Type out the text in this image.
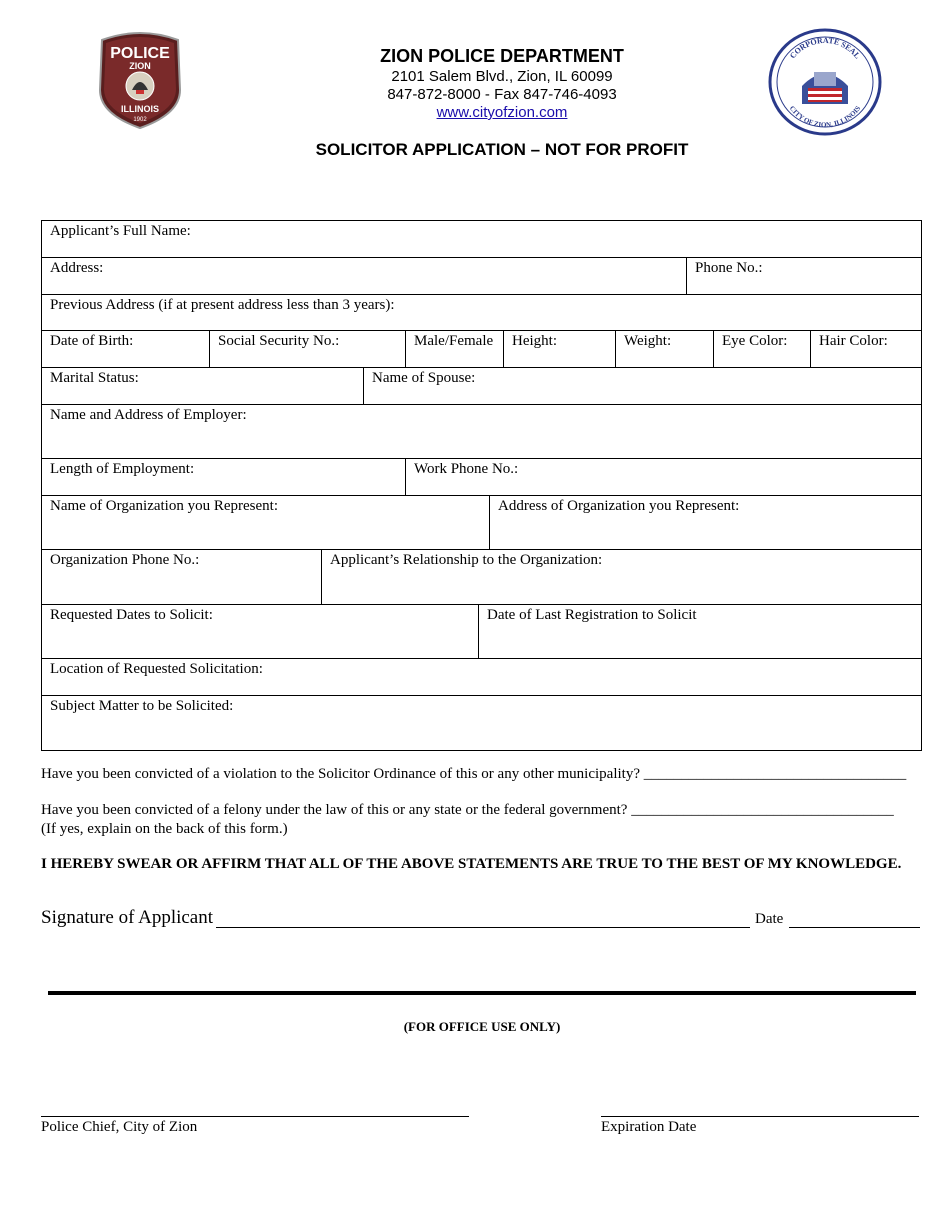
POLICE
ZION
ILLINOIS
1902
ZION POLICE DEPARTMENT
2101 Salem Blvd., Zion, IL 60099
847-872-8000 - Fax 847-746-4093
www.cityofzion.com
CORPORATE SEAL
CITY OF ZION, ILLINOIS
SOLICITOR APPLICATION – NOT FOR PROFIT
Applicant’s Full Name:
Address:	Phone No.:
Previous Address (if at present address less than 3 years):
Date of Birth:	Social Security No.:	Male/Female	Height:	Weight:	Eye Color:	Hair Color:
Marital Status:	Name of Spouse:
Name and Address of Employer:
Length of Employment:	Work Phone No.:
Name of Organization you Represent:	Address of Organization you Represent:
Organization Phone No.:	Applicant’s Relationship to the Organization:
Requested Dates to Solicit:	Date of Last Registration to Solicit
Location of Requested Solicitation:
Subject Matter to be Solicited:
Have you been convicted of a violation to the Solicitor Ordinance of this or any other municipality? ___________________________________
Have you been convicted of a felony under the law of this or any state or the federal government? ___________________________________
(If yes, explain on the back of this form.)
I HEREBY SWEAR OR AFFIRM THAT ALL OF THE ABOVE STATEMENTS ARE TRUE TO THE BEST OF MY KNOWLEDGE.
Signature of Applicant	Date
(FOR OFFICE USE ONLY)
Police Chief, City of Zion	Expiration Date
